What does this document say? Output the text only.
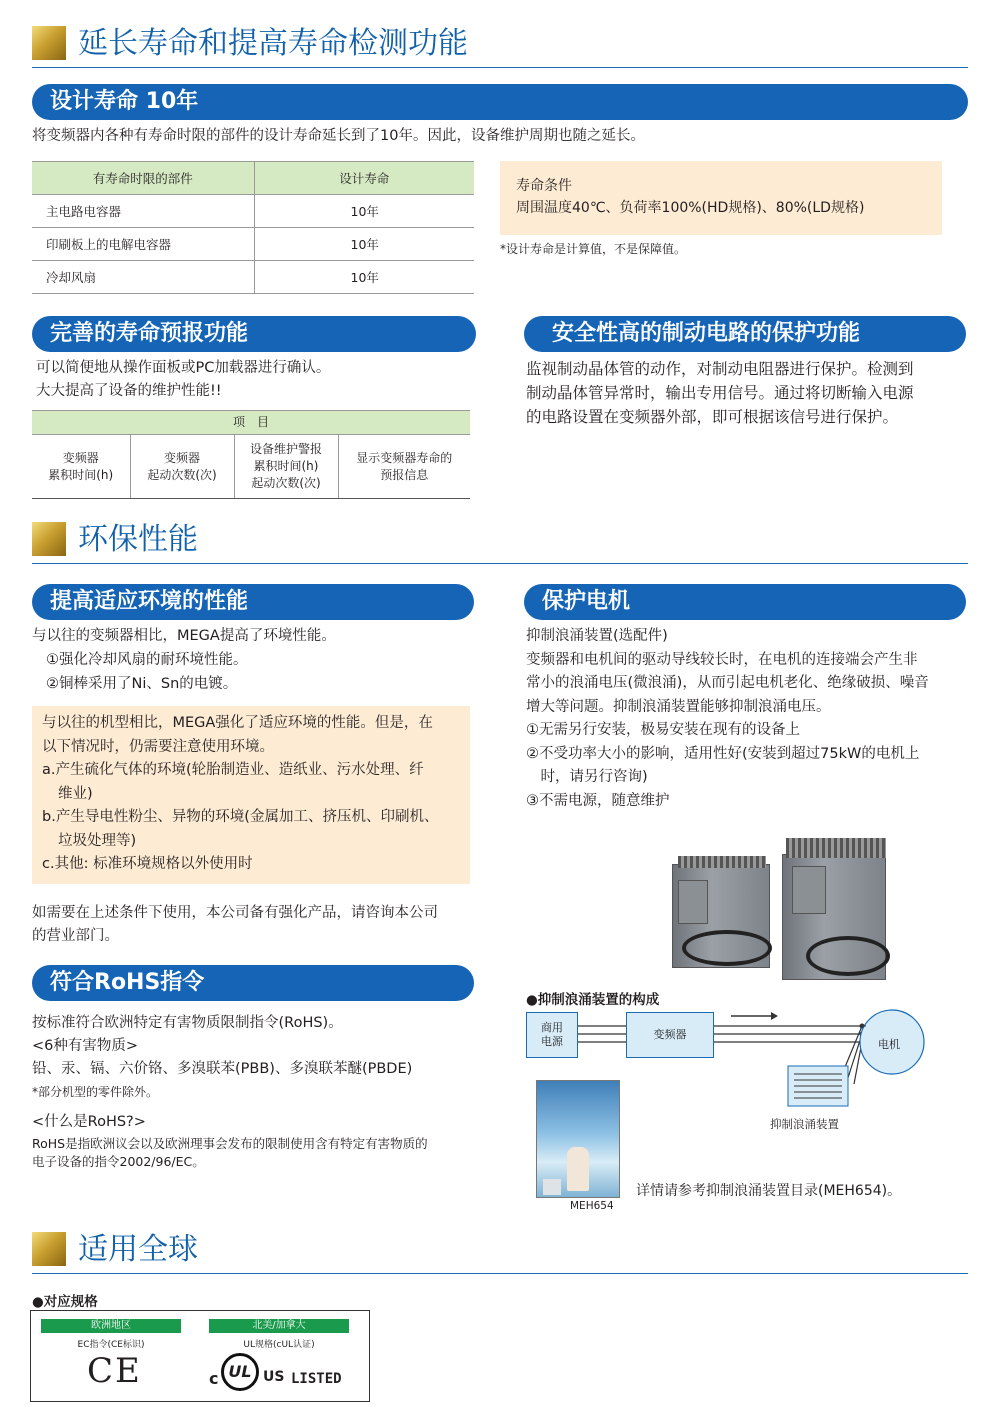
延长寿命和提高寿命检测功能
设计寿命 10年
将变频器内各种有寿命时限的部件的设计寿命延长到了10年。因此，设备维护周期也随之延长。
有寿命时限的部件	设计寿命
主电路电容器	10年
印刷板上的电解电容器	10年
冷却风扇	10年
寿命条件
周围温度40℃、负荷率100%(HD规格)、80%(LD规格)
*设计寿命是计算值，不是保障值。
完善的寿命预报功能
可以简便地从操作面板或PC加载器进行确认。
大大提高了设备的维护性能!!
项　目

变频器
累积时间(h)

变频器
起动次数(次)

设备维护警报
累积时间(h)
起动次数(次)

显示变频器寿命的
预报信息
安全性高的制动电路的保护功能
监视制动晶体管的动作，对制动电阻器进行保护。检测到
制动晶体管异常时，输出专用信号。通过将切断输入电源
的电路设置在变频器外部，即可根据该信号进行保护。
环保性能
提高适应环境的性能
与以往的变频器相比，MEGA提高了环境性能。
①强化冷却风扇的耐环境性能。
②铜棒采用了Ni、Sn的电镀。
与以往的机型相比，MEGA强化了适应环境的性能。但是，在
以下情况时，仍需要注意使用环境。
a.产生硫化气体的环境(轮胎制造业、造纸业、污水处理、纤
维业)
b.产生导电性粉尘、异物的环境(金属加工、挤压机、印刷机、
垃圾处理等)
c.其他: 标准环境规格以外使用时
如需要在上述条件下使用，本公司备有强化产品，请咨询本公司
的营业部门。
符合RoHS指令
按标准符合欧洲特定有害物质限制指令(RoHS)。
<6种有害物质>
铅、汞、镉、六价铬、多溴联苯(PBB)、多溴联苯醚(PBDE)
*部分机型的零件除外。
<什么是RoHS?>
RoHS是指欧洲议会以及欧洲理事会发布的限制使用含有特定有害物质的
电子设备的指令2002/96/EC。
保护电机
抑制浪涌装置(选配件)
变频器和电机间的驱动导线较长时，在电机的连接端会产生非
常小的浪涌电压(微浪涌)，从而引起电机老化、绝缘破损、噪音
增大等问题。抑制浪涌装置能够抑制浪涌电压。
①无需另行安装，极易安装在现有的设备上
②不受功率大小的影响，适用性好(安装到超过75kW的电机上
　时，请另行咨询)
③不需电源，随意维护
●抑制浪涌装置的构成
商用
电源
变频器
电机
抑制浪涌装置
MEH654
详情请参考抑制浪涌装置目录(MEH654)。
适用全球
●对应规格
欧洲地区	北美/加拿大
EC指令(CE标识)	UL规格(cUL认证)
CE	c UL US LISTED
